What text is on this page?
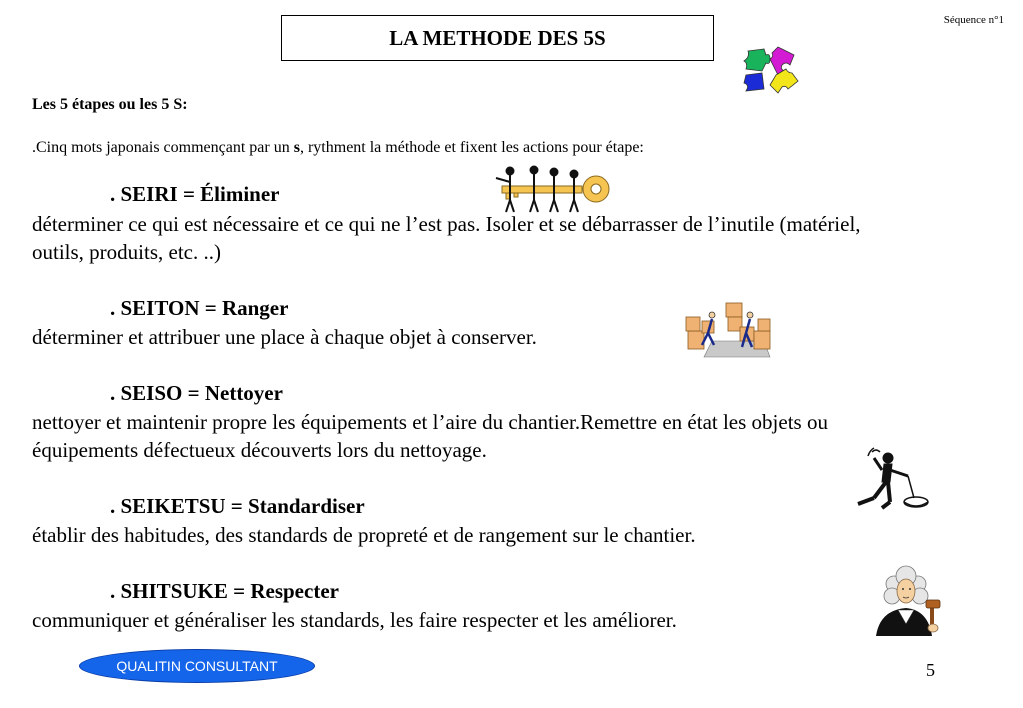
LA METHODE DES 5S
Séquence n°1
Les 5 étapes ou les 5 S:
.Cinq mots japonais commençant par un s, rythment la méthode et fixent les actions pour étape:
. SEIRI = Éliminer
déterminer ce qui est nécessaire et ce qui ne l’est pas. Isoler et se débarrasser de l’inutile (matériel, outils, produits, etc. ..)
. SEITON = Ranger
déterminer et attribuer une place à chaque objet à conserver.
. SEISO = Nettoyer
nettoyer et maintenir propre les équipements et l’aire du chantier.Remettre en état les objets ou équipements défectueux découverts lors du nettoyage.
. SEIKETSU = Standardiser
établir des habitudes, des standards de propreté et de rangement sur le chantier.
. SHITSUKE = Respecter
communiquer et généraliser les standards, les faire respecter et les améliorer.
QUALITIN CONSULTANT	5
